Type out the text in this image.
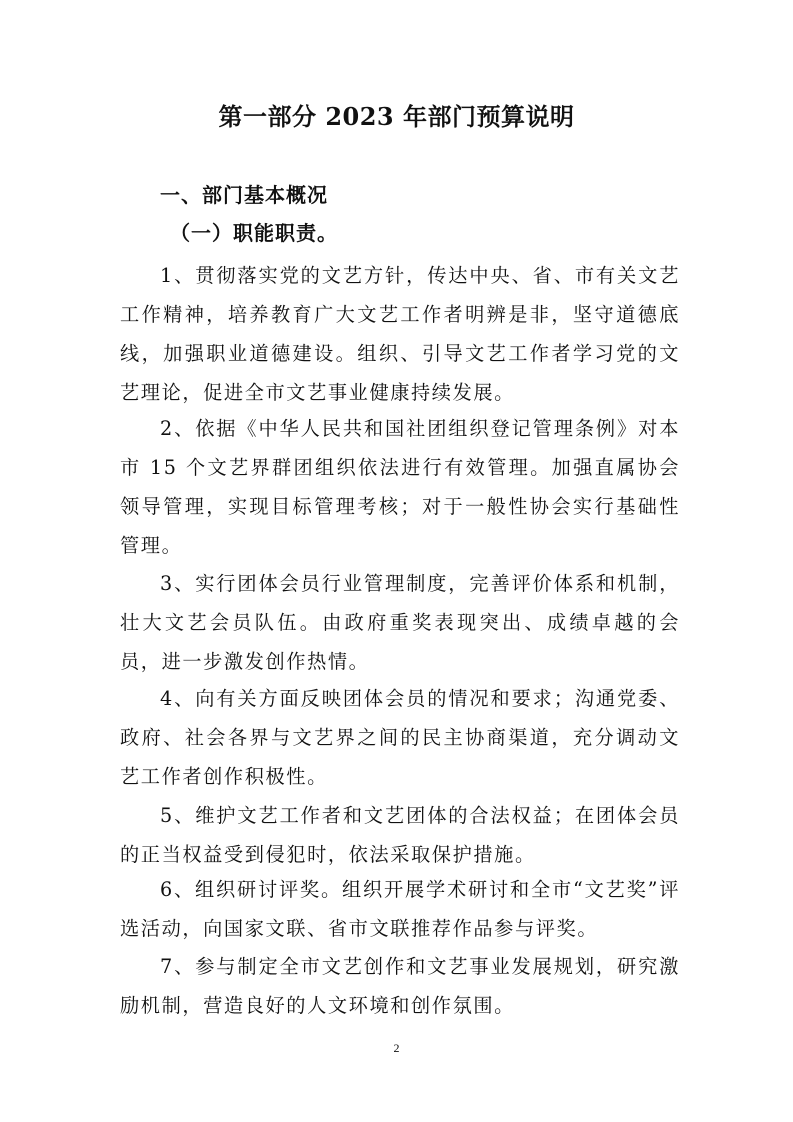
第一部分 2023 年部门预算说明
一、部门基本概况
（一）职能职责。

1、贯彻落实党的文艺方针，传达中央、省、市有关文艺工作精神，培养教育广大文艺工作者明辨是非，坚守道德底线，加强职业道德建设。组织、引导文艺工作者学习党的文艺理论，促进全市文艺事业健康持续发展。

2、依据《中华人民共和国社团组织登记管理条例》对本市 15 个文艺界群团组织依法进行有效管理。加强直属协会领导管理，实现目标管理考核；对于一般性协会实行基础性管理。

3、实行团体会员行业管理制度，完善评价体系和机制，壮大文艺会员队伍。由政府重奖表现突出、成绩卓越的会员，进一步激发创作热情。

4、向有关方面反映团体会员的情况和要求；沟通党委、政府、社会各界与文艺界之间的民主协商渠道，充分调动文艺工作者创作积极性。

5、维护文艺工作者和文艺团体的合法权益；在团体会员的正当权益受到侵犯时，依法采取保护措施。

6、组织研讨评奖。组织开展学术研讨和全市“文艺奖”评选活动，向国家文联、省市文联推荐作品参与评奖。

7、参与制定全市文艺创作和文艺事业发展规划，研究激励机制，营造良好的人文环境和创作氛围。

2
